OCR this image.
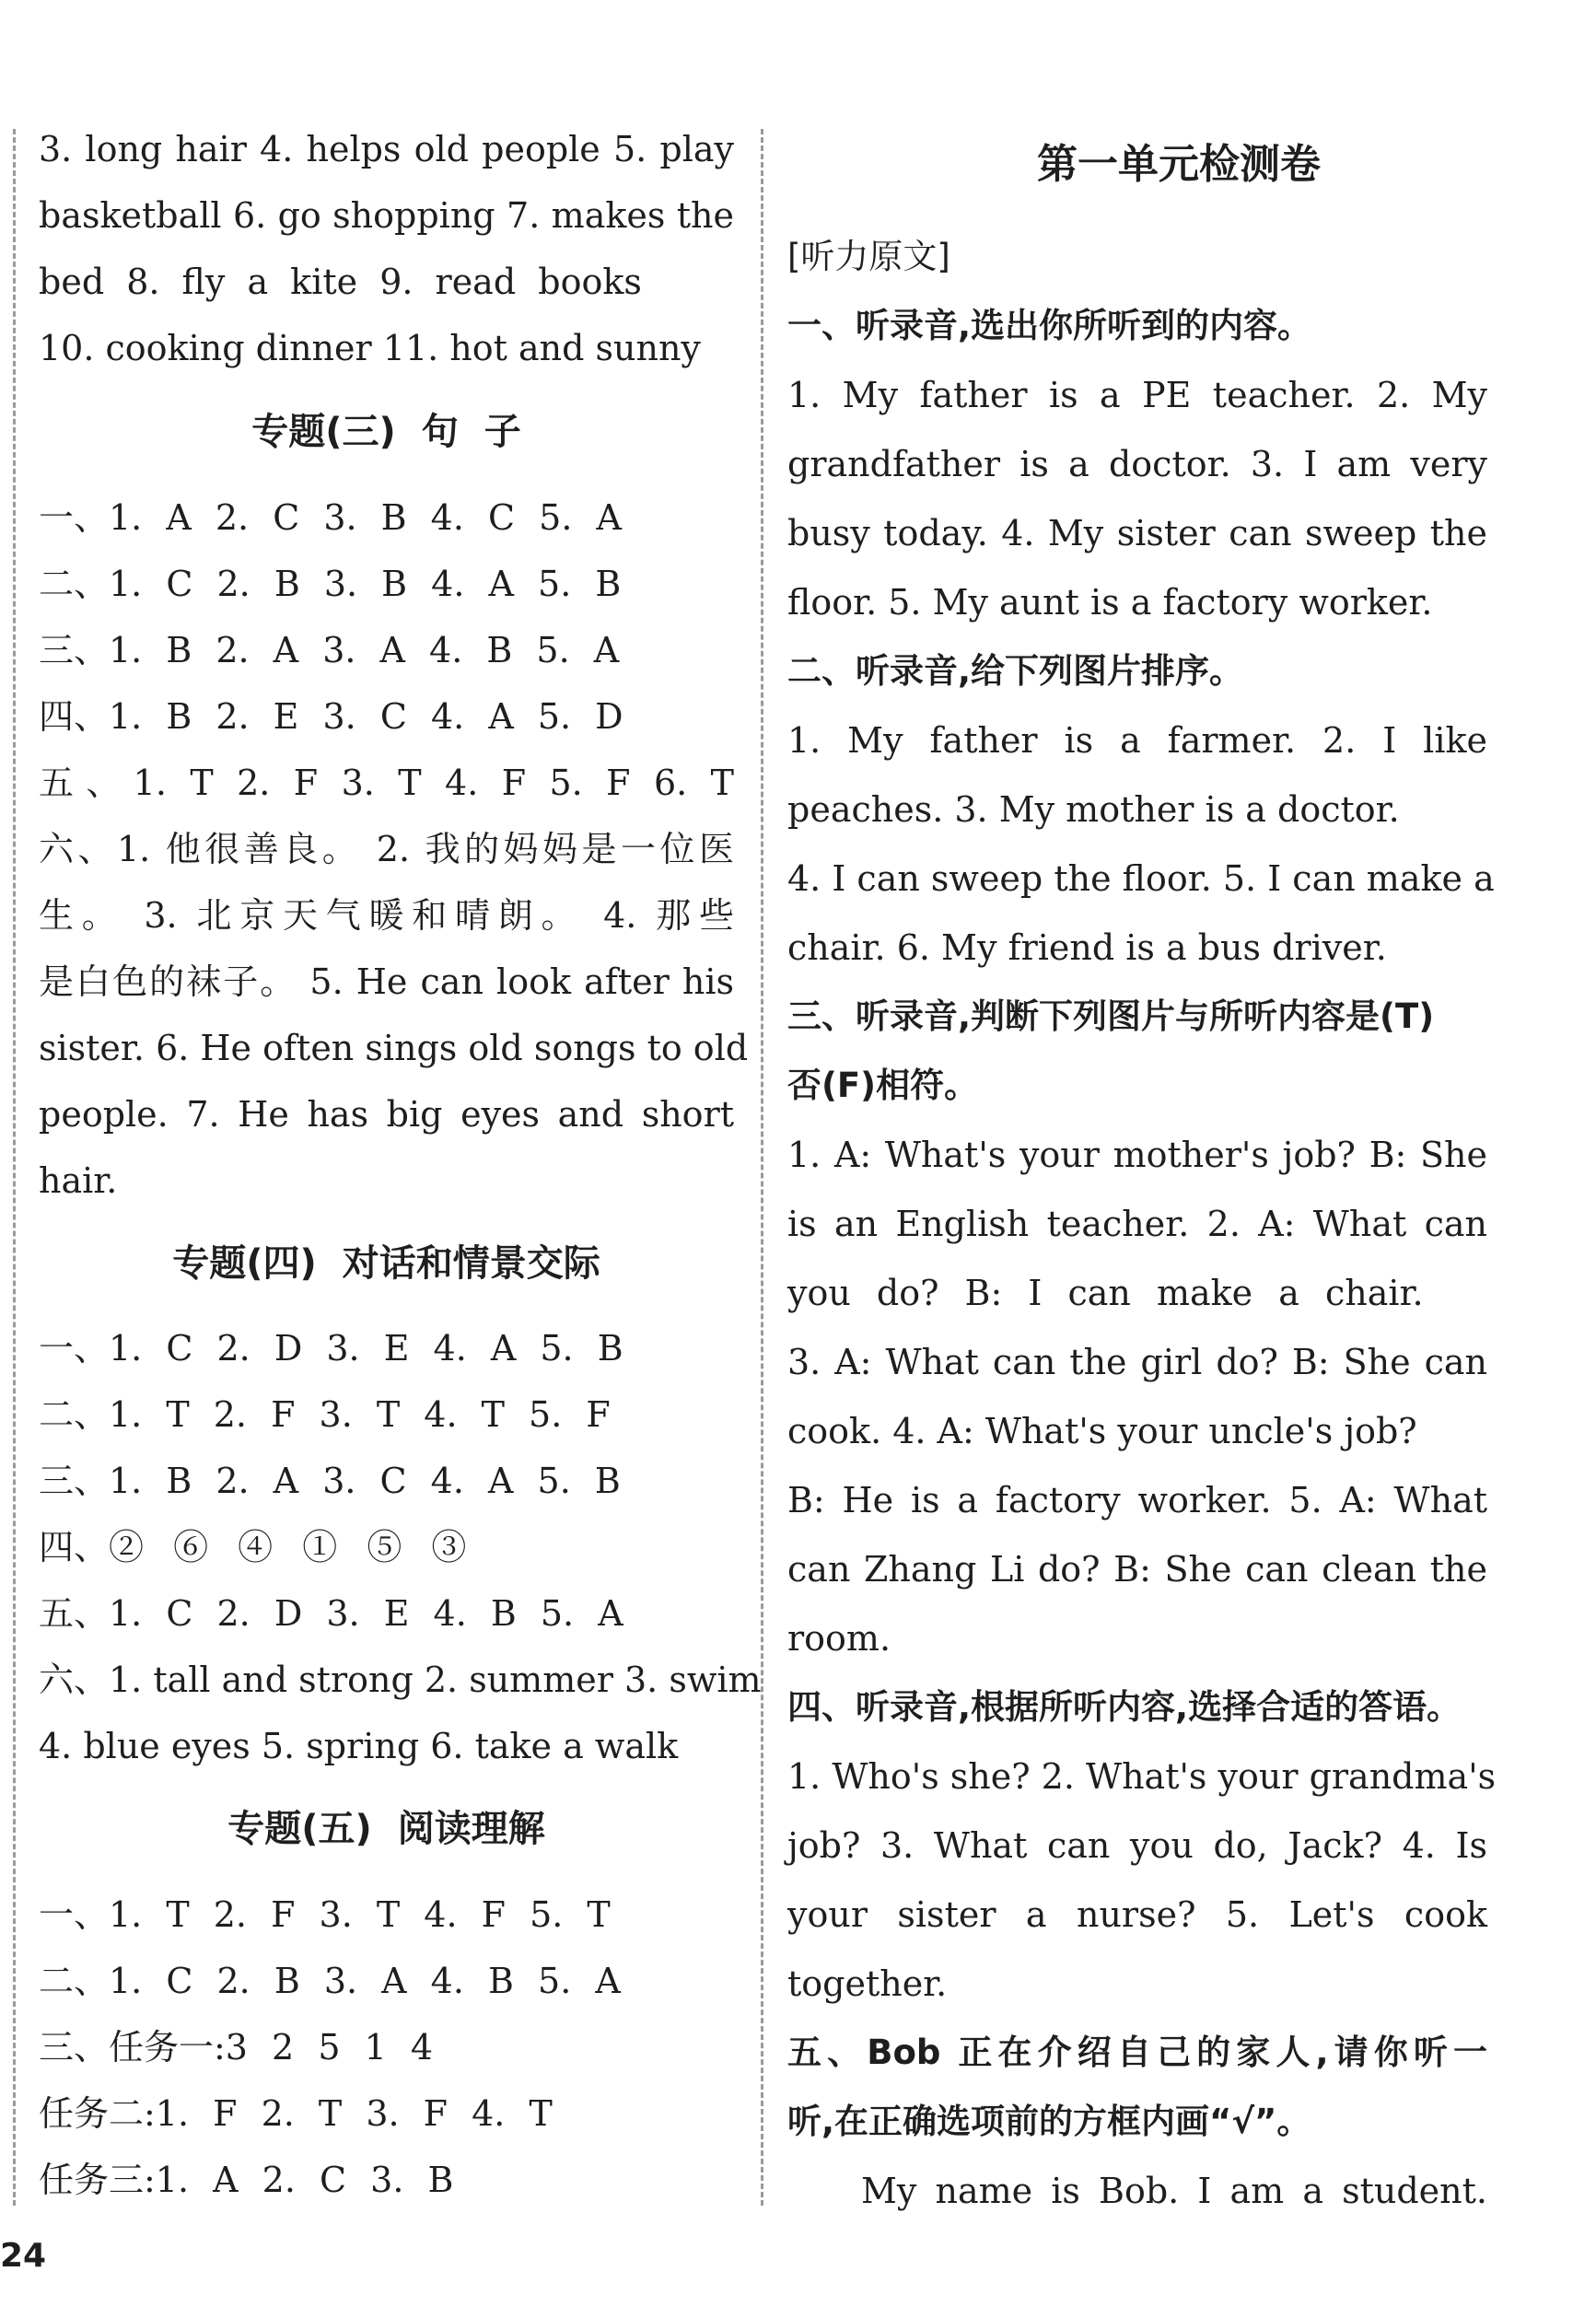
3. long hair 4. helps old people 5. play
basketball 6. go shopping 7. makes the
bed 8. fly a kite 9. read books
10. cooking dinner 11. hot and sunny
专题(三) 句 子
一、1. A 2. C 3. B 4. C 5. A
二、1. C 2. B 3. B 4. A 5. B
三、1. B 2. A 3. A 4. B 5. A
四、1. B 2. E 3. C 4. A 5. D
五、1. T 2. F 3. T 4. F 5. F 6. T
六、1. 他很善良。 2. 我的妈妈是一位医
生。 3. 北京天气暖和晴朗。 4. 那些
是白色的袜子。 5. He can look after his
sister. 6. He often sings old songs to old
people. 7. He has big eyes and short
hair.
专题(四) 对话和情景交际
一、1. C 2. D 3. E 4. A 5. B
二、1. T 2. F 3. T 4. T 5. F
三、1. B 2. A 3. C 4. A 5. B
四、② ⑥ ④ ① ⑤ ③
五、1. C 2. D 3. E 4. B 5. A
六、1. tall and strong 2. summer 3. swim
4. blue eyes 5. spring 6. take a walk
专题(五) 阅读理解
一、1. T 2. F 3. T 4. F 5. T
二、1. C 2. B 3. A 4. B 5. A
三、任务一:3 2 5 1 4
任务二:1. F 2. T 3. F 4. T
任务三:1. A 2. C 3. B
第一单元检测卷
[听力原文]
一、听录音,选出你所听到的内容。
1. My father is a PE teacher. 2. My
grandfather is a doctor. 3. I am very
busy today. 4. My sister can sweep the
floor. 5. My aunt is a factory worker.
二、听录音,给下列图片排序。
1. My father is a farmer. 2. I like
peaches. 3. My mother is a doctor.
4. I can sweep the floor. 5. I can make a
chair. 6. My friend is a bus driver.
三、听录音,判断下列图片与所听内容是(T)
否(F)相符。
1. A: What's your mother's job? B: She
is an English teacher. 2. A: What can
you do? B: I can make a chair.
3. A: What can the girl do? B: She can
cook. 4. A: What's your uncle's job?
B: He is a factory worker. 5. A: What
can Zhang Li do? B: She can clean the
room.
四、听录音,根据所听内容,选择合适的答语。
1. Who's she? 2. What's your grandma's
job? 3. What can you do, Jack? 4. Is
your sister a nurse? 5. Let's cook
together.
五、Bob 正在介绍自己的家人,请你听一
听,在正确选项前的方框内画“√”。
My name is Bob. I am a student.
24
